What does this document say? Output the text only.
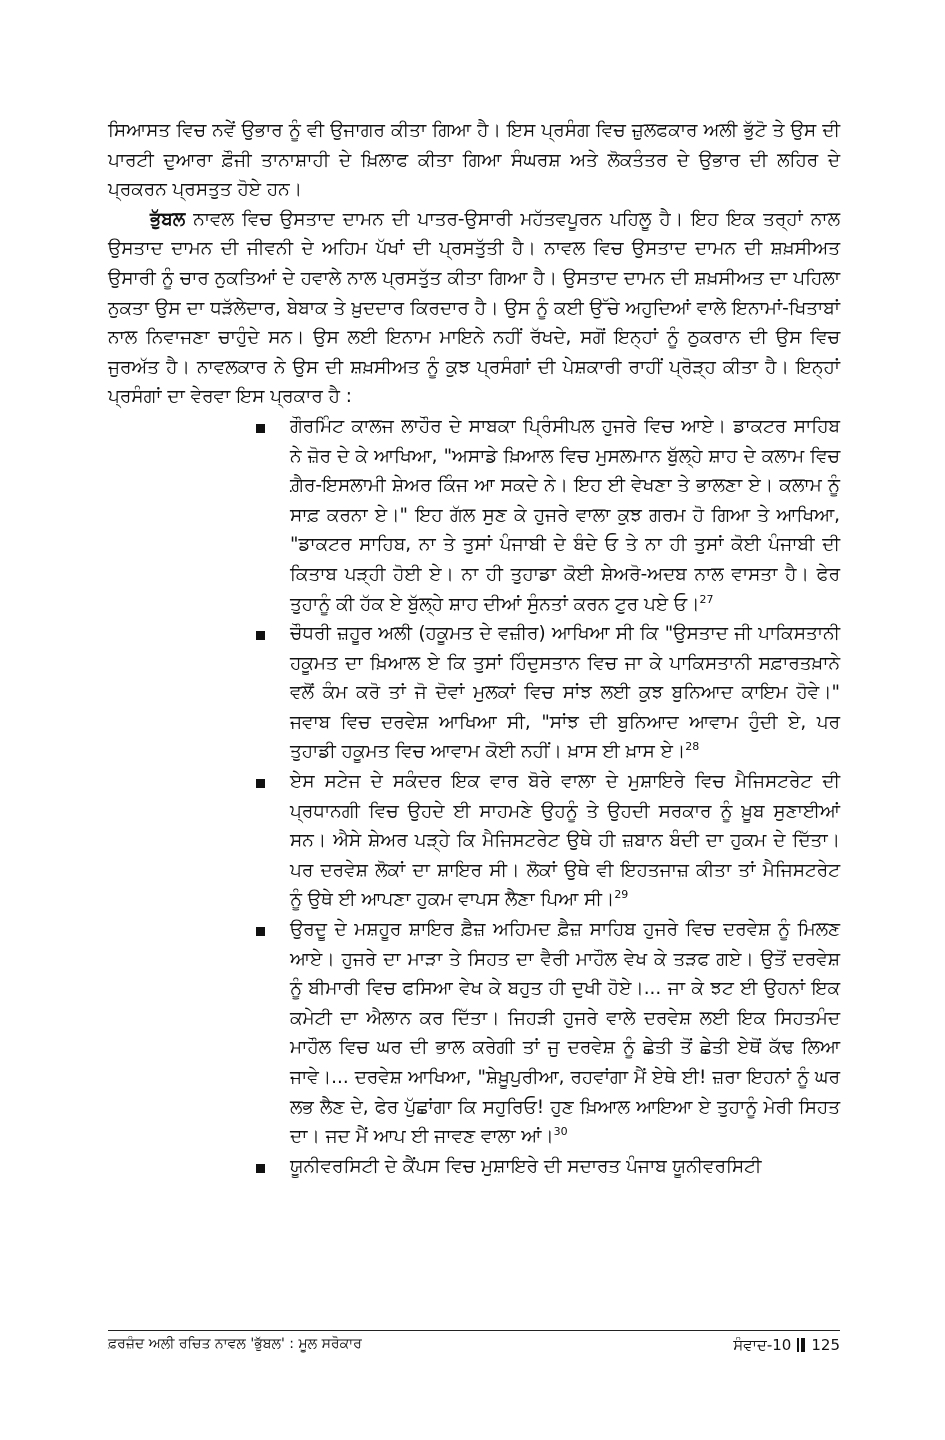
ਸਿਆਸਤ ਵਿਚ ਨਵੇਂ ਉਭਾਰ ਨੂੰ ਵੀ ਉਜਾਗਰ ਕੀਤਾ ਗਿਆ ਹੈ। ਇਸ ਪ੍ਰਸੰਗ ਵਿਚ ਜ਼ੁਲਫਕਾਰ ਅਲੀ ਭੁੱਟੋ ਤੇ ਉਸ ਦੀ ਪਾਰਟੀ ਦੁਆਰਾ ਫ਼ੌਜੀ ਤਾਨਾਸ਼ਾਹੀ ਦੇ ਖ਼ਿਲਾਫ ਕੀਤਾ ਗਿਆ ਸੰਘਰਸ਼ ਅਤੇ ਲੋਕਤੰਤਰ ਦੇ ਉਭਾਰ ਦੀ ਲਹਿਰ ਦੇ ਪ੍ਰਕਰਨ ਪ੍ਰਸਤੁਤ ਹੋਏ ਹਨ।

ਭੁੱਬਲ ਨਾਵਲ ਵਿਚ ਉਸਤਾਦ ਦਾਮਨ ਦੀ ਪਾਤਰ-ਉਸਾਰੀ ਮਹੱਤਵਪੂਰਨ ਪਹਿਲੂ ਹੈ। ਇਹ ਇਕ ਤਰ੍ਹਾਂ ਨਾਲ ਉਸਤਾਦ ਦਾਮਨ ਦੀ ਜੀਵਨੀ ਦੇ ਅਹਿਮ ਪੱਖਾਂ ਦੀ ਪ੍ਰਸਤੁੱਤੀ ਹੈ। ਨਾਵਲ ਵਿਚ ਉਸਤਾਦ ਦਾਮਨ ਦੀ ਸ਼ਖ਼ਸੀਅਤ ਉਸਾਰੀ ਨੂੰ ਚਾਰ ਨੁਕਤਿਆਂ ਦੇ ਹਵਾਲੇ ਨਾਲ ਪ੍ਰਸਤੁੱਤ ਕੀਤਾ ਗਿਆ ਹੈ। ਉਸਤਾਦ ਦਾਮਨ ਦੀ ਸ਼ਖ਼ਸੀਅਤ ਦਾ ਪਹਿਲਾ ਨੁਕਤਾ ਉਸ ਦਾ ਧੜੱਲੇਦਾਰ, ਬੇਬਾਕ ਤੇ ਖ਼ੁਦਦਾਰ ਕਿਰਦਾਰ ਹੈ। ਉਸ ਨੂੰ ਕਈ ਉੱਚੇ ਅਹੁਦਿਆਂ ਵਾਲੇ ਇਨਾਮਾਂ-ਖਿਤਾਬਾਂ ਨਾਲ ਨਿਵਾਜਣਾ ਚਾਹੁੰਦੇ ਸਨ। ਉਸ ਲਈ ਇਨਾਮ ਮਾਇਨੇ ਨਹੀਂ ਰੱਖਦੇ, ਸਗੋਂ ਇਨ੍ਹਾਂ ਨੂੰ ਠੁਕਰਾਨ ਦੀ ਉਸ ਵਿਚ ਜੁਰਅੱਤ ਹੈ। ਨਾਵਲਕਾਰ ਨੇ ਉਸ ਦੀ ਸ਼ਖ਼ਸੀਅਤ ਨੂੰ ਕੁਝ ਪ੍ਰਸੰਗਾਂ ਦੀ ਪੇਸ਼ਕਾਰੀ ਰਾਹੀਂ ਪ੍ਰੋੜ੍ਹ ਕੀਤਾ ਹੈ। ਇਨ੍ਹਾਂ ਪ੍ਰਸੰਗਾਂ ਦਾ ਵੇਰਵਾ ਇਸ ਪ੍ਰਕਾਰ ਹੈ :

ਗੌਰਮਿੰਟ ਕਾਲਜ ਲਾਹੌਰ ਦੇ ਸਾਬਕਾ ਪ੍ਰਿੰਸੀਪਲ ਹੁਜਰੇ ਵਿਚ ਆਏ। ਡਾਕਟਰ ਸਾਹਿਬ ਨੇ ਜ਼ੋਰ ਦੇ ਕੇ ਆਖਿਆ, "ਅਸਾਡੇ ਖ਼ਿਆਲ ਵਿਚ ਮੁਸਲਮਾਨ ਬੁੱਲ੍ਹੇ ਸ਼ਾਹ ਦੇ ਕਲਾਮ ਵਿਚ ਗ਼ੈਰ-ਇਸਲਾਮੀ ਸ਼ੇਅਰ ਕਿੰਜ ਆ ਸਕਦੇ ਨੇ। ਇਹ ਈ ਵੇਖਣਾ ਤੇ ਭਾਲਣਾ ਏ। ਕਲਾਮ ਨੂੰ ਸਾਫ਼ ਕਰਨਾ ਏ।" ਇਹ ਗੱਲ ਸੁਣ ਕੇ ਹੁਜਰੇ ਵਾਲਾ ਕੁਝ ਗਰਮ ਹੋ ਗਿਆ ਤੇ ਆਖਿਆ, "ਡਾਕਟਰ ਸਾਹਿਬ, ਨਾ ਤੇ ਤੁਸਾਂ ਪੰਜਾਬੀ ਦੇ ਬੰਦੇ ਓ ਤੇ ਨਾ ਹੀ ਤੁਸਾਂ ਕੋਈ ਪੰਜਾਬੀ ਦੀ ਕਿਤਾਬ ਪੜ੍ਹੀ ਹੋਈ ਏ। ਨਾ ਹੀ ਤੁਹਾਡਾ ਕੋਈ ਸ਼ੇਅਰੋ-ਅਦਬ ਨਾਲ ਵਾਸਤਾ ਹੈ। ਫੇਰ ਤੁਹਾਨੂੰ ਕੀ ਹੱਕ ਏ ਬੁੱਲ੍ਹੇ ਸ਼ਾਹ ਦੀਆਂ ਸੁੰਨਤਾਂ ਕਰਨ ਟੁਰ ਪਏ ਓ।$^{27}$
ਚੌਧਰੀ ਜ਼ਹੂਰ ਅਲੀ (ਹਕੂਮਤ ਦੇ ਵਜ਼ੀਰ) ਆਖਿਆ ਸੀ ਕਿ "ਉਸਤਾਦ ਜੀ ਪਾਕਿਸਤਾਨੀ ਹਕੂਮਤ ਦਾ ਖ਼ਿਆਲ ਏ ਕਿ ਤੁਸਾਂ ਹਿੰਦੁਸਤਾਨ ਵਿਚ ਜਾ ਕੇ ਪਾਕਿਸਤਾਨੀ ਸਫ਼ਾਰਤਖ਼ਾਨੇ ਵਲੋਂ ਕੰਮ ਕਰੋ ਤਾਂ ਜੋ ਦੋਵਾਂ ਮੁਲਕਾਂ ਵਿਚ ਸਾਂਝ ਲਈ ਕੁਝ ਬੁਨਿਆਦ ਕਾਇਮ ਹੋਵੇ।" ਜਵਾਬ ਵਿਚ ਦਰਵੇਸ਼ ਆਖਿਆ ਸੀ, "ਸਾਂਝ ਦੀ ਬੁਨਿਆਦ ਆਵਾਮ ਹੁੰਦੀ ਏ, ਪਰ ਤੁਹਾਡੀ ਹਕੂਮਤ ਵਿਚ ਆਵਾਮ ਕੋਈ ਨਹੀਂ। ਖ਼ਾਸ ਈ ਖ਼ਾਸ ਏ।$^{28}$
ਏਸ ਸਟੇਜ ਦੇ ਸਕੰਦਰ ਇਕ ਵਾਰ ਬੋਰੇ ਵਾਲਾ ਦੇ ਮੁਸ਼ਾਇਰੇ ਵਿਚ ਮੈਜਿਸਟਰੇਟ ਦੀ ਪ੍ਰਧਾਨਗੀ ਵਿਚ ਉਹਦੇ ਈ ਸਾਹਮਣੇ ਉਹਨੂੰ ਤੇ ਉਹਦੀ ਸਰਕਾਰ ਨੂੰ ਖ਼ੂਬ ਸੁਣਾਈਆਂ ਸਨ। ਐਸੇ ਸ਼ੇਅਰ ਪੜ੍ਹੇ ਕਿ ਮੈਜਿਸਟਰੇਟ ਉਥੇ ਹੀ ਜ਼ਬਾਨ ਬੰਦੀ ਦਾ ਹੁਕਮ ਦੇ ਦਿੱਤਾ। ਪਰ ਦਰਵੇਸ਼ ਲੋਕਾਂ ਦਾ ਸ਼ਾਇਰ ਸੀ। ਲੋਕਾਂ ਉਥੇ ਵੀ ਇਹਤਜਾਜ਼ ਕੀਤਾ ਤਾਂ ਮੈਜਿਸਟਰੇਟ ਨੂੰ ਉਥੇ ਈ ਆਪਣਾ ਹੁਕਮ ਵਾਪਸ ਲੈਣਾ ਪਿਆ ਸੀ।$^{29}$
ਉਰਦੂ ਦੇ ਮਸ਼ਹੂਰ ਸ਼ਾਇਰ ਫ਼ੈਜ਼ ਅਹਿਮਦ ਫ਼ੈਜ਼ ਸਾਹਿਬ ਹੁਜਰੇ ਵਿਚ ਦਰਵੇਸ਼ ਨੂੰ ਮਿਲਣ ਆਏ। ਹੁਜਰੇ ਦਾ ਮਾੜਾ ਤੇ ਸਿਹਤ ਦਾ ਵੈਰੀ ਮਾਹੌਲ ਵੇਖ ਕੇ ਤੜਫ ਗਏ। ਉਤੋਂ ਦਰਵੇਸ਼ ਨੂੰ ਬੀਮਾਰੀ ਵਿਚ ਫਸਿਆ ਵੇਖ ਕੇ ਬਹੁਤ ਹੀ ਦੁਖੀ ਹੋਏ।... ਜਾ ਕੇ ਝਟ ਈ ਉਹਨਾਂ ਇਕ ਕਮੇਟੀ ਦਾ ਐਲਾਨ ਕਰ ਦਿੱਤਾ। ਜਿਹੜੀ ਹੁਜਰੇ ਵਾਲੇ ਦਰਵੇਸ਼ ਲਈ ਇਕ ਸਿਹਤਮੰਦ ਮਾਹੌਲ ਵਿਚ ਘਰ ਦੀ ਭਾਲ ਕਰੇਗੀ ਤਾਂ ਜੁ ਦਰਵੇਸ਼ ਨੂੰ ਛੇਤੀ ਤੋਂ ਛੇਤੀ ਏਥੋਂ ਕੱਢ ਲਿਆ ਜਾਵੇ।... ਦਰਵੇਸ਼ ਆਖਿਆ, "ਸ਼ੇਖ਼ੂਪੁਰੀਆ, ਰਹਵਾਂਗਾ ਮੈਂ ਏਥੇ ਈ! ਜ਼ਰਾ ਇਹਨਾਂ ਨੂੰ ਘਰ ਲਭ ਲੈਣ ਦੇ, ਫੇਰ ਪੁੱਛਾਂਗਾ ਕਿ ਸਹੁਰਿਓ! ਹੁਣ ਖ਼ਿਆਲ ਆਇਆ ਏ ਤੁਹਾਨੂੰ ਮੇਰੀ ਸਿਹਤ ਦਾ। ਜਦ ਮੈਂ ਆਪ ਈ ਜਾਵਣ ਵਾਲਾ ਆਂ।$^{30}$
ਯੂਨੀਵਰਸਿਟੀ ਦੇ ਕੈਂਪਸ ਵਿਚ ਮੁਸ਼ਾਇਰੇ ਦੀ ਸਦਾਰਤ ਪੰਜਾਬ ਯੂਨੀਵਰਸਿਟੀ
ਫ਼ਰਜ਼ੰਦ ਅਲੀ ਰਚਿਤ ਨਾਵਲ 'ਭੁੱਬਲ' : ਮੂਲ ਸਰੋਕਾਰ	ਸੰਵਾਦ-10 125
